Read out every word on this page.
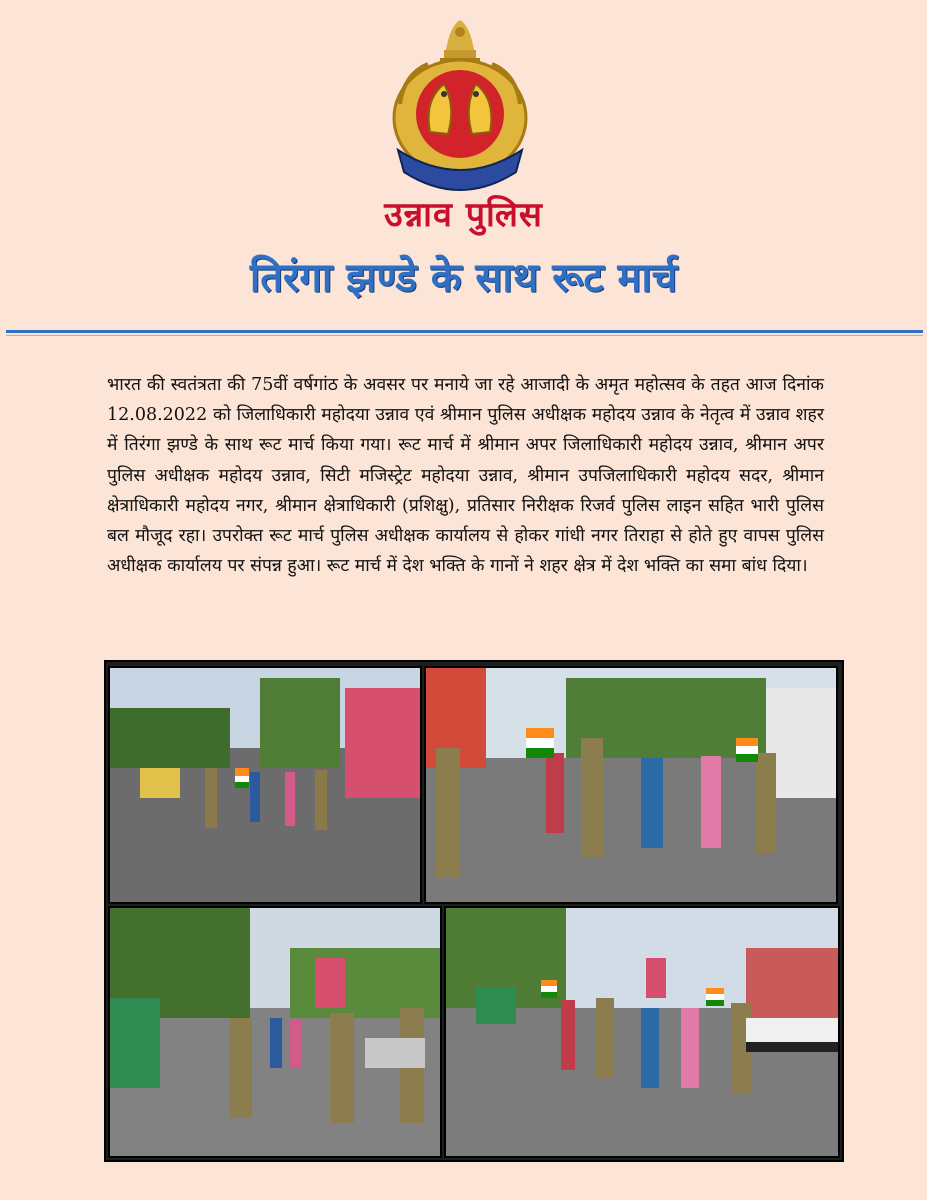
उन्नाव पुलिस
तिरंगा झण्डे के साथ रूट मार्च
भारत की स्वतंत्रता की 75वीं वर्षगांठ के अवसर पर मनाये जा रहे आजादी के अमृत महोत्सव के तहत आज दिनांक 12.08.2022 को जिलाधिकारी महोदया उन्नाव एवं श्रीमान पुलिस अधीक्षक महोदय उन्नाव के नेतृत्व में उन्नाव शहर में तिरंगा झण्डे के साथ रूट मार्च किया गया। रूट मार्च में श्रीमान अपर जिलाधिकारी महोदय उन्नाव, श्रीमान अपर पुलिस अधीक्षक महोदय उन्नाव, सिटी मजिस्ट्रेट महोदया उन्नाव, श्रीमान उपजिलाधिकारी महोदय सदर, श्रीमान क्षेत्राधिकारी महोदय नगर, श्रीमान क्षेत्राधिकारी (प्रशिक्षु), प्रतिसार निरीक्षक रिजर्व पुलिस लाइन सहित भारी पुलिस बल मौजूद रहा। उपरोक्त रूट मार्च पुलिस अधीक्षक कार्यालय से होकर गांधी नगर तिराहा से होते हुए वापस पुलिस अधीक्षक कार्यालय पर संपन्न हुआ। रूट मार्च में देश भक्ति के गानों ने शहर क्षेत्र में देश भक्ति का समा बांध दिया।
